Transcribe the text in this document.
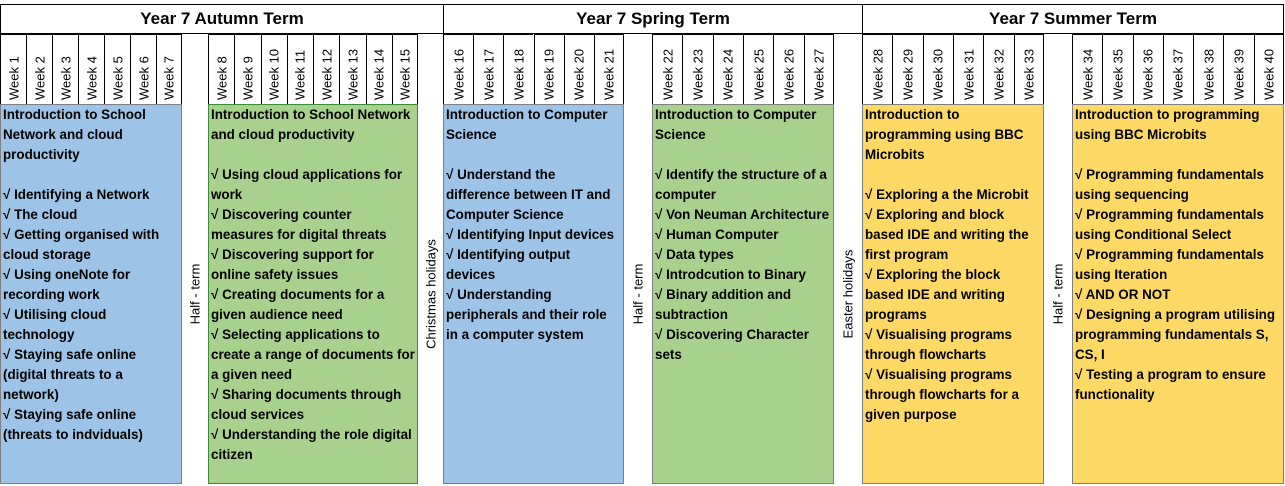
Year 7 Autumn Term	Year 7 Spring Term	Year 7 Summer Term
Week 1 Week 2 Week 3 Week 4 Week 5 Week 6 Week 7	Week 8 Week 9 Week 10 Week 11 Week 12 Week 13 Week 14 Week 15	Week 16 Week 17 Week 18 Week 19 Week 20 Week 21	Week 22 Week 23 Week 24 Week 25 Week 26 Week 27	Week 28 Week 29 Week 30 Week 31 Week 32 Week 33	Week 34 Week 35 Week 36 Week 37 Week 38 Week 39 Week 40
Half - term	Christmas holidays	Half - term	Easter holidays	Half - term
Introduction to School Network and cloud productivity
√ Identifying a Network
√ The cloud
√ Getting organised with cloud storage
√ Using oneNote for recording work
√ Utilising cloud technology
√ Staying safe online (digital threats to a network)
√ Staying safe online (threats to indviduals)
Introduction to School Network and cloud productivity
√ Using cloud applications for work
√ Discovering counter measures for digital threats
√ Discovering support for online safety issues
√ Creating documents for a given audience need
√ Selecting applications to create a range of documents for a given need
√ Sharing documents through cloud services
√ Understanding the role digital citizen
Introduction to Computer Science
√ Understand the difference between IT and Computer Science
√ Identifying Input devices
√ Identifying output devices
√ Understanding peripherals and their role in a computer system
Introduction to Computer Science
√ Identify the structure of a computer
√ Von Neuman Architecture
√ Human Computer
√ Data types
√ Introdcution to Binary
√ Binary addition and subtraction
√ Discovering Character sets
Introduction to programming using BBC Microbits
√ Exploring a the Microbit
√ Exploring and block based IDE and writing the first program
√ Exploring the block based IDE and writing programs
√ Visualising programs through flowcharts
√ Visualising programs through flowcharts for a given purpose
Introduction to programming using BBC Microbits
√ Programming fundamentals using sequencing
√ Programming fundamentals using Conditional Select
√ Programming fundamentals using Iteration
√ AND OR NOT
√ Designing a program utilising programming fundamentals S, CS, I
√ Testing a program to ensure functionality
